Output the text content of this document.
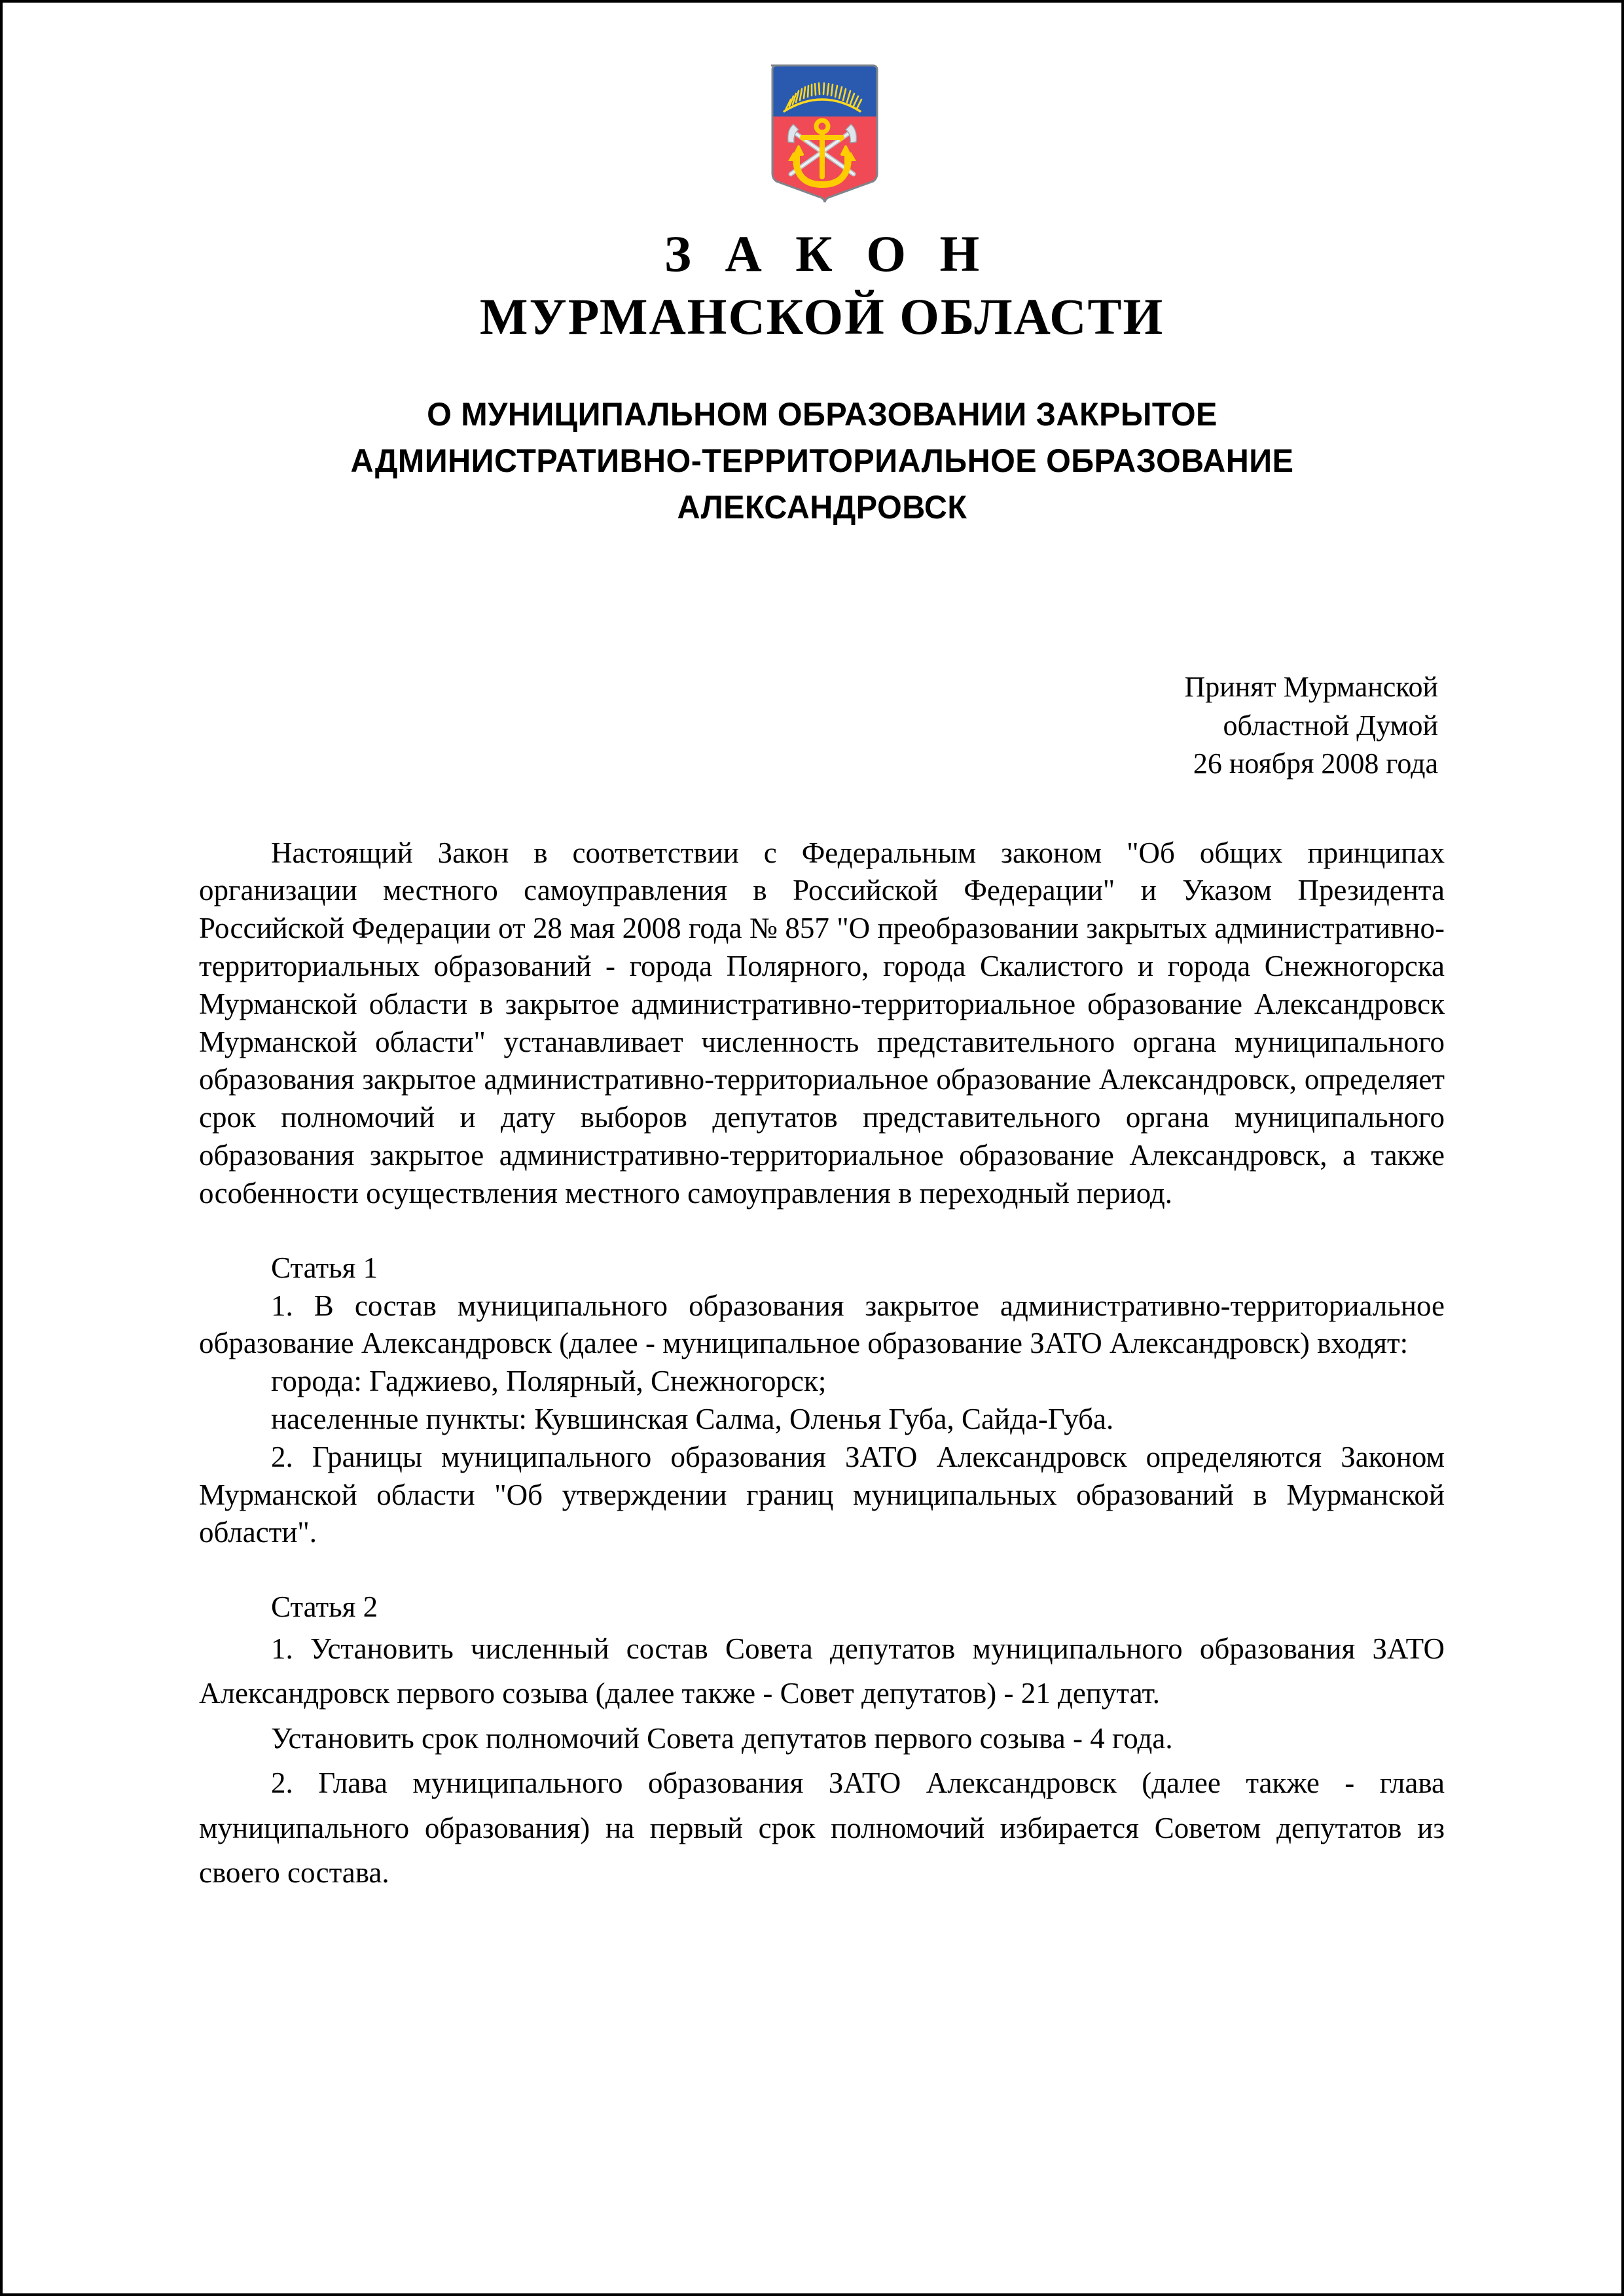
З А К О Н
МУРМАНСКОЙ ОБЛАСТИ
О МУНИЦИПАЛЬНОМ ОБРАЗОВАНИИ ЗАКРЫТОЕ АДМИНИСТРАТИВНО-ТЕРРИТОРИАЛЬНОЕ ОБРАЗОВАНИЕ АЛЕКСАНДРОВСК
Принят Мурманской
областной Думой
26 ноября 2008 года

Настоящий Закон в соответствии с Федеральным законом "Об общих принципах организации местного самоуправления в Российской Федерации" и Указом Президента Российской Федерации от 28 мая 2008 года № 857 "О преобразовании закрытых административно-территориальных образований - города Полярного, города Скалистого и города Снежногорска Мурманской области в закрытое административно-территориальное образование Александровск Мурманской области" устанавливает численность представительного органа муниципального образования закрытое административно-территориальное образование Александровск, определяет срок полномочий и дату выборов депутатов представительного органа муниципального образования закрытое административно-территориальное образование Александровск, а также особенности осуществления местного самоуправления в переходный период.

Статья 1

1. В состав муниципального образования закрытое административно-территориальное образование Александровск (далее - муниципальное образование ЗАТО Александровск) входят:

города: Гаджиево, Полярный, Снежногорск;
населенные пункты: Кувшинская Салма, Оленья Губа, Сайда-Губа.

2. Границы муниципального образования ЗАТО Александровск определяются Законом Мурманской области "Об утверждении границ муниципальных образований в Мурманской области".

Статья 2

1. Установить численный состав Совета депутатов муниципального образования ЗАТО Александровск первого созыва (далее также - Совет депутатов) - 21 депутат.

Установить срок полномочий Совета депутатов первого созыва - 4 года.

2. Глава муниципального образования ЗАТО Александровск (далее также - глава муниципального образования) на первый срок полномочий избирается Советом депутатов из своего состава.
